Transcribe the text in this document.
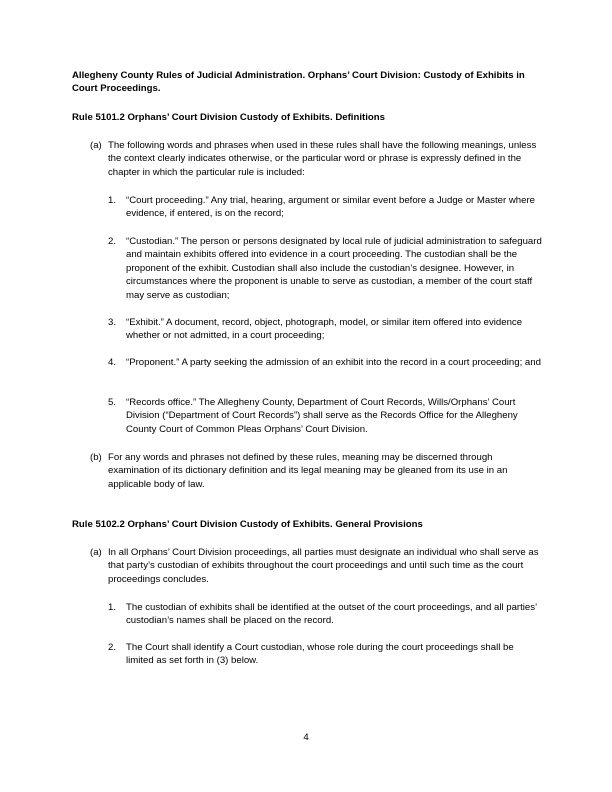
Allegheny County Rules of Judicial Administration. Orphans’ Court Division: Custody of Exhibits in Court Proceedings.

Rule 5101.2 Orphans’ Court Division Custody of Exhibits. Definitions

(a) The following words and phrases when used in these rules shall have the following meanings, unless the context clearly indicates otherwise, or the particular word or phrase is expressly defined in the chapter in which the particular rule is included:
1. “Court proceeding.” Any trial, hearing, argument or similar event before a Judge or Master where evidence, if entered, is on the record;
2. “Custodian.” The person or persons designated by local rule of judicial administration to safeguard and maintain exhibits offered into evidence in a court proceeding. The custodian shall be the proponent of the exhibit. Custodian shall also include the custodian’s designee. However, in circumstances where the proponent is unable to serve as custodian, a member of the court staff may serve as custodian;
3. “Exhibit.” A document, record, object, photograph, model, or similar item offered into evidence whether or not admitted, in a court proceeding;
4. “Proponent.” A party seeking the admission of an exhibit into the record in a court proceeding; and
5. “Records office.” The Allegheny County, Department of Court Records, Wills/Orphans’ Court Division (“Department of Court Records”) shall serve as the Records Office for the Allegheny County Court of Common Pleas Orphans’ Court Division.
(b) For any words and phrases not defined by these rules, meaning may be discerned through examination of its dictionary definition and its legal meaning may be gleaned from its use in an applicable body of law.

Rule 5102.2 Orphans’ Court Division Custody of Exhibits. General Provisions

(a) In all Orphans’ Court Division proceedings, all parties must designate an individual who shall serve as that party’s custodian of exhibits throughout the court proceedings and until such time as the court proceedings concludes.
1. The custodian of exhibits shall be identified at the outset of the court proceedings, and all parties’ custodian’s names shall be placed on the record.
2. The Court shall identify a Court custodian, whose role during the court proceedings shall be limited as set forth in (3) below.
4
